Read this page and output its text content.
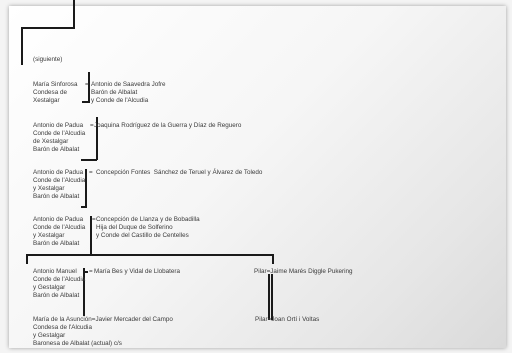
(siguiente)
María Sinforosa
Condesa de
Xestalgar
= Antonio de Saavedra Jofre
Barón de Albalat
y Conde de l'Alcudia
Antonio de Padua
Conde de l'Alcudia
de Xestalgar
Barón de Albalat
= Joaquina Rodríguez de la Guerra y Díaz de Reguero
Antonio de Padua
Conde de l'Alcudia
y Xestalgar
Barón de Albalat
= Concepción Fontes  Sánchez de Teruel y Álvarez de Toledo
Antonio de Padua
Conde de l'Alcudia
y Xestalgar
Barón de Albalat
= Concepción de Llanza y de Bobadilla
Hija del Duque de Solferino
y Conde del Castillo de Centelles
Antonio Manuel
Conde de l'Alcudia
y Gestalgar
Barón de Albalat
= María Bes y Vidal de Llobatera	Pilar=Jaime Marés Diggle Pukering
María de la Asunción=Javier Mercader del Campo
Condesa de l'Alcudia
y Gestalgar
Baronesa de Albalat (actual) c/s
Pilar=Joan Ortí i Voltas
